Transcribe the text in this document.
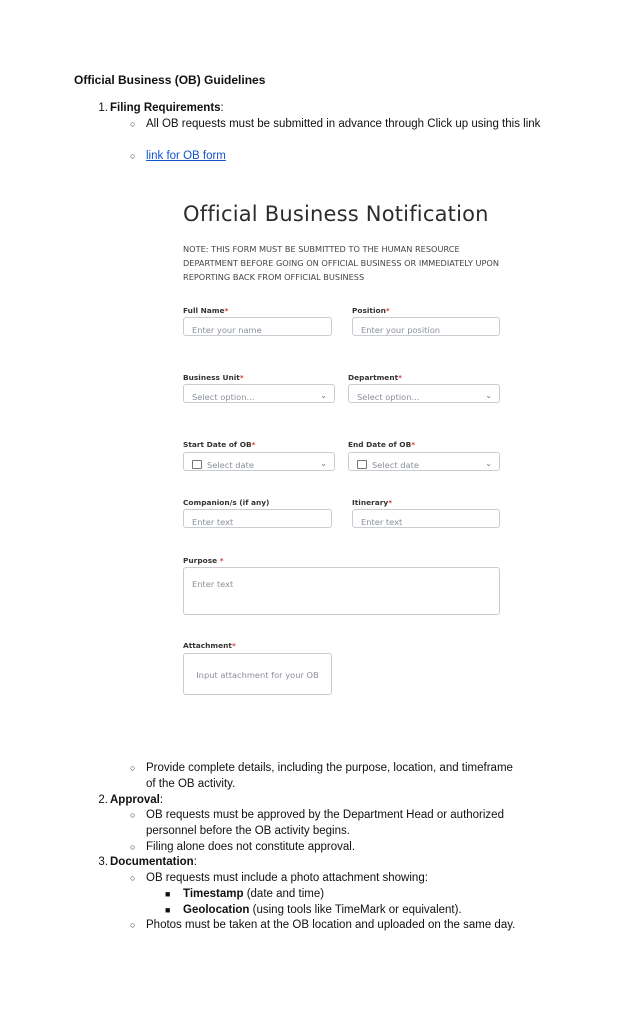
Official Business (OB) Guidelines
1. Filing Requirements:
○ All OB requests must be submitted in advance through Click up using this link
○ link for OB form
Official Business Notification
NOTE: THIS FORM MUST BE SUBMITTED TO THE HUMAN RESOURCE DEPARTMENT BEFORE GOING ON OFFICIAL BUSINESS OR IMMEDIATELY UPON REPORTING BACK FROM OFFICIAL BUSINESS
Full Name*
Enter your name
Position*
Enter your position
Business Unit*
Select option...	⌄
Department*
Select option...	⌄
Start Date of OB*
Select date	⌄
End Date of OB*
Select date	⌄
Companion/s (if any)
Enter text
Itinerary*
Enter text
Purpose *
Enter text
Attachment*
Input attachment for your OB
○ Provide complete details, including the purpose, location, and timeframe of the OB activity.
2. Approval:
○ OB requests must be approved by the Department Head or authorized personnel before the OB activity begins.
○ Filing alone does not constitute approval.
3. Documentation:
○ OB requests must include a photo attachment showing:
■ Timestamp (date and time)
■ Geolocation (using tools like TimeMark or equivalent).
○ Photos must be taken at the OB location and uploaded on the same day.
